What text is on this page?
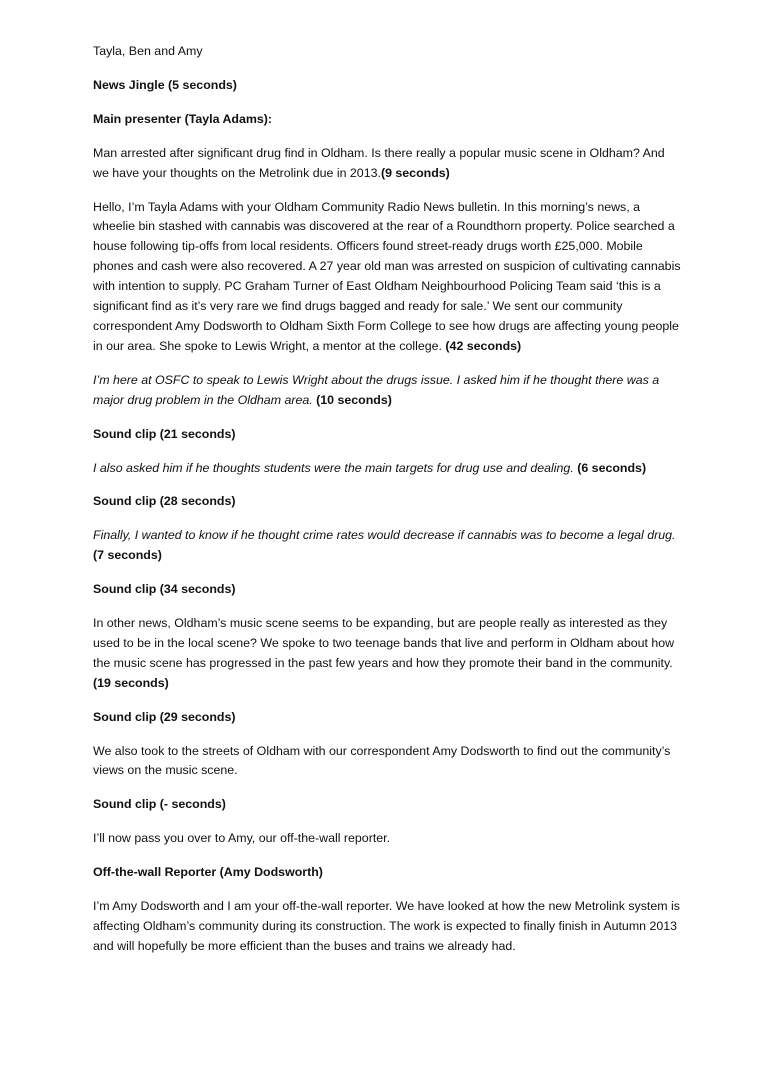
Tayla, Ben and Amy

News Jingle (5 seconds)

Main presenter (Tayla Adams):

Man arrested after significant drug find in Oldham. Is there really a popular music scene in Oldham? And we have your thoughts on the Metrolink due in 2013.(9 seconds)

Hello, I’m Tayla Adams with your Oldham Community Radio News bulletin. In this morning’s news, a wheelie bin stashed with cannabis was discovered at the rear of a Roundthorn property. Police searched a house following tip-offs from local residents. Officers found street-ready drugs worth £25,000. Mobile phones and cash were also recovered. A 27 year old man was arrested on suspicion of cultivating cannabis with intention to supply. PC Graham Turner of East Oldham Neighbourhood Policing Team said ‘this is a significant find as it’s very rare we find drugs bagged and ready for sale.’ We sent our community correspondent Amy Dodsworth to Oldham Sixth Form College to see how drugs are affecting young people in our area. She spoke to Lewis Wright, a mentor at the college. (42 seconds)

I’m here at OSFC to speak to Lewis Wright about the drugs issue. I asked him if he thought there was a major drug problem in the Oldham area. (10 seconds)

Sound clip (21 seconds)

I also asked him if he thoughts students were the main targets for drug use and dealing. (6 seconds)

Sound clip (28 seconds)

Finally, I wanted to know if he thought crime rates would decrease if cannabis was to become a legal drug. (7 seconds)

Sound clip (34 seconds)

In other news, Oldham’s music scene seems to be expanding, but are people really as interested as they used to be in the local scene? We spoke to two teenage bands that live and perform in Oldham about how the music scene has progressed in the past few years and how they promote their band in the community. (19 seconds)

Sound clip (29 seconds)

We also took to the streets of Oldham with our correspondent Amy Dodsworth to find out the community’s views on the music scene.

Sound clip (- seconds)

I’ll now pass you over to Amy, our off-the-wall reporter.

Off-the-wall Reporter (Amy Dodsworth)

I’m Amy Dodsworth and I am your off-the-wall reporter. We have looked at how the new Metrolink system is affecting Oldham’s community during its construction. The work is expected to finally finish in Autumn 2013 and will hopefully be more efficient than the buses and trains we already had.
